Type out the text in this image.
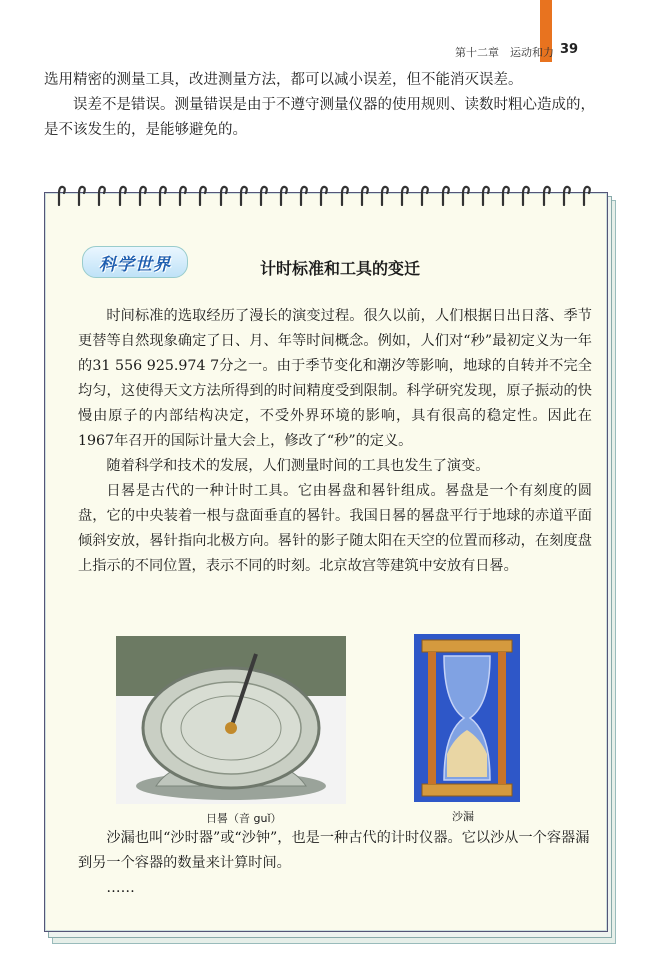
第十二章　运动和力 39

选用精密的测量工具，改进测量方法，都可以减小误差，但不能消灭误差。

误差不是错误。测量错误是由于不遵守测量仪器的使用规则、读数时粗心造成的，是不该发生的，是能够避免的。

科学世界	计时标准和工具的变迁

时间标准的选取经历了漫长的演变过程。很久以前，人们根据日出日落、季节更替等自然现象确定了日、月、年等时间概念。例如，人们对“秒”最初定义为一年的31 556 925.974 7分之一。由于季节变化和潮汐等影响，地球的自转并不完全均匀，这使得天文方法所得到的时间精度受到限制。科学研究发现，原子振动的快慢由原子的内部结构决定，不受外界环境的影响，具有很高的稳定性。因此在1967年召开的国际计量大会上，修改了“秒”的定义。

随着科学和技术的发展，人们测量时间的工具也发生了演变。

日晷是古代的一种计时工具。它由晷盘和晷针组成。晷盘是一个有刻度的圆盘，它的中央装着一根与盘面垂直的晷针。我国日晷的晷盘平行于地球的赤道平面倾斜安放，晷针指向北极方向。晷针的影子随太阳在天空的位置而移动，在刻度盘上指示的不同位置，表示不同的时刻。北京故宫等建筑中安放有日晷。

日晷（音 guǐ）	沙漏

沙漏也叫“沙时器”或“沙钟”，也是一种古代的计时仪器。它以沙从一个容器漏到另一个容器的数量来计算时间。

……
